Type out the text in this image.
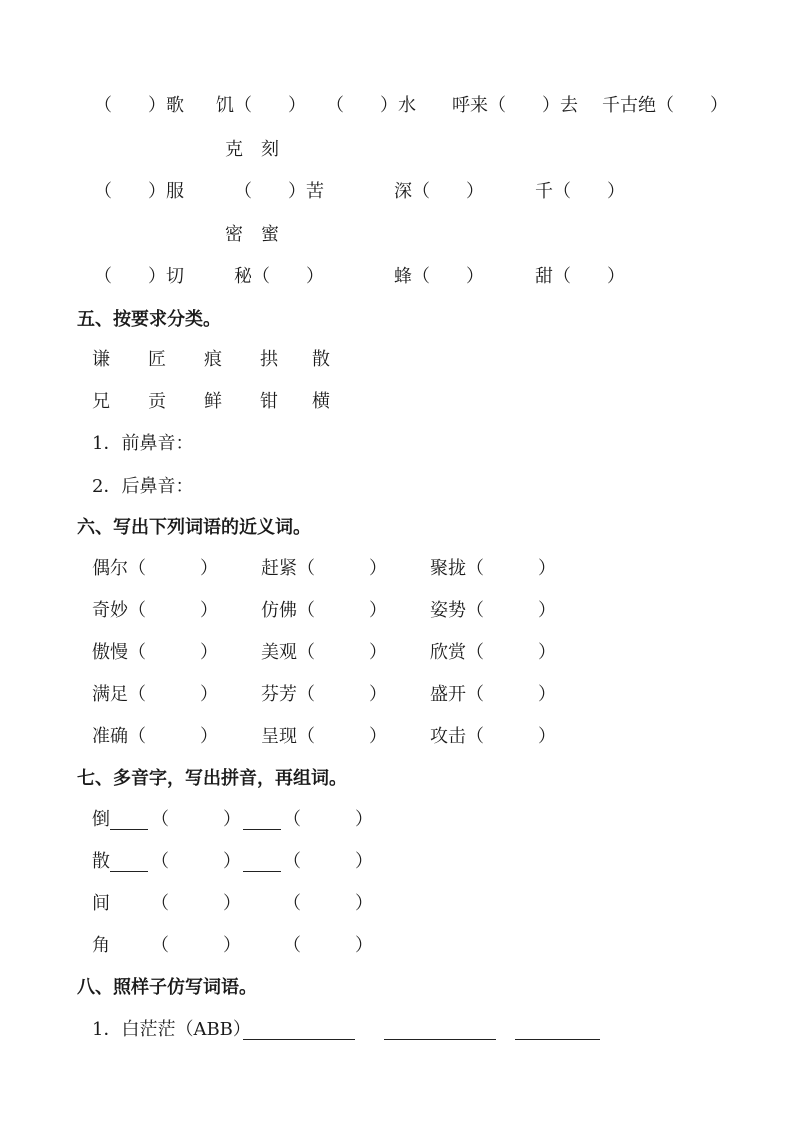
（　　）歌 饥（　　） （　　）水 呼来（　　）去 千古绝（　　）
克　刻
（　　）服	（　　）苦	深（　　）	千（　　）
密　蜜
（　　）切	秘（　　）	蜂（　　）	甜（　　）
五、按要求分类。
谦 匠 痕 拱 散
兄 贡 鲜 钳 横
1．前鼻音：
2．后鼻音：
六、写出下列词语的近义词。
偶尔（　　　） 赶紧（　　　） 聚拢（　　　）
奇妙（　　　） 仿佛（　　　） 姿势（　　　）
傲慢（　　　） 美观（　　　） 欣赏（　　　）
满足（　　　） 芬芳（　　　） 盛开（　　　）
准确（　　　） 呈现（　　　） 攻击（　　　）
七、多音字，写出拼音，再组词。
倒 （　　　） （　　　）
散 （　　　） （　　　）
间 （　　　） （　　　）
角 （　　　） （　　　）
八、照样子仿写词语。
1．白茫茫（ABB）
